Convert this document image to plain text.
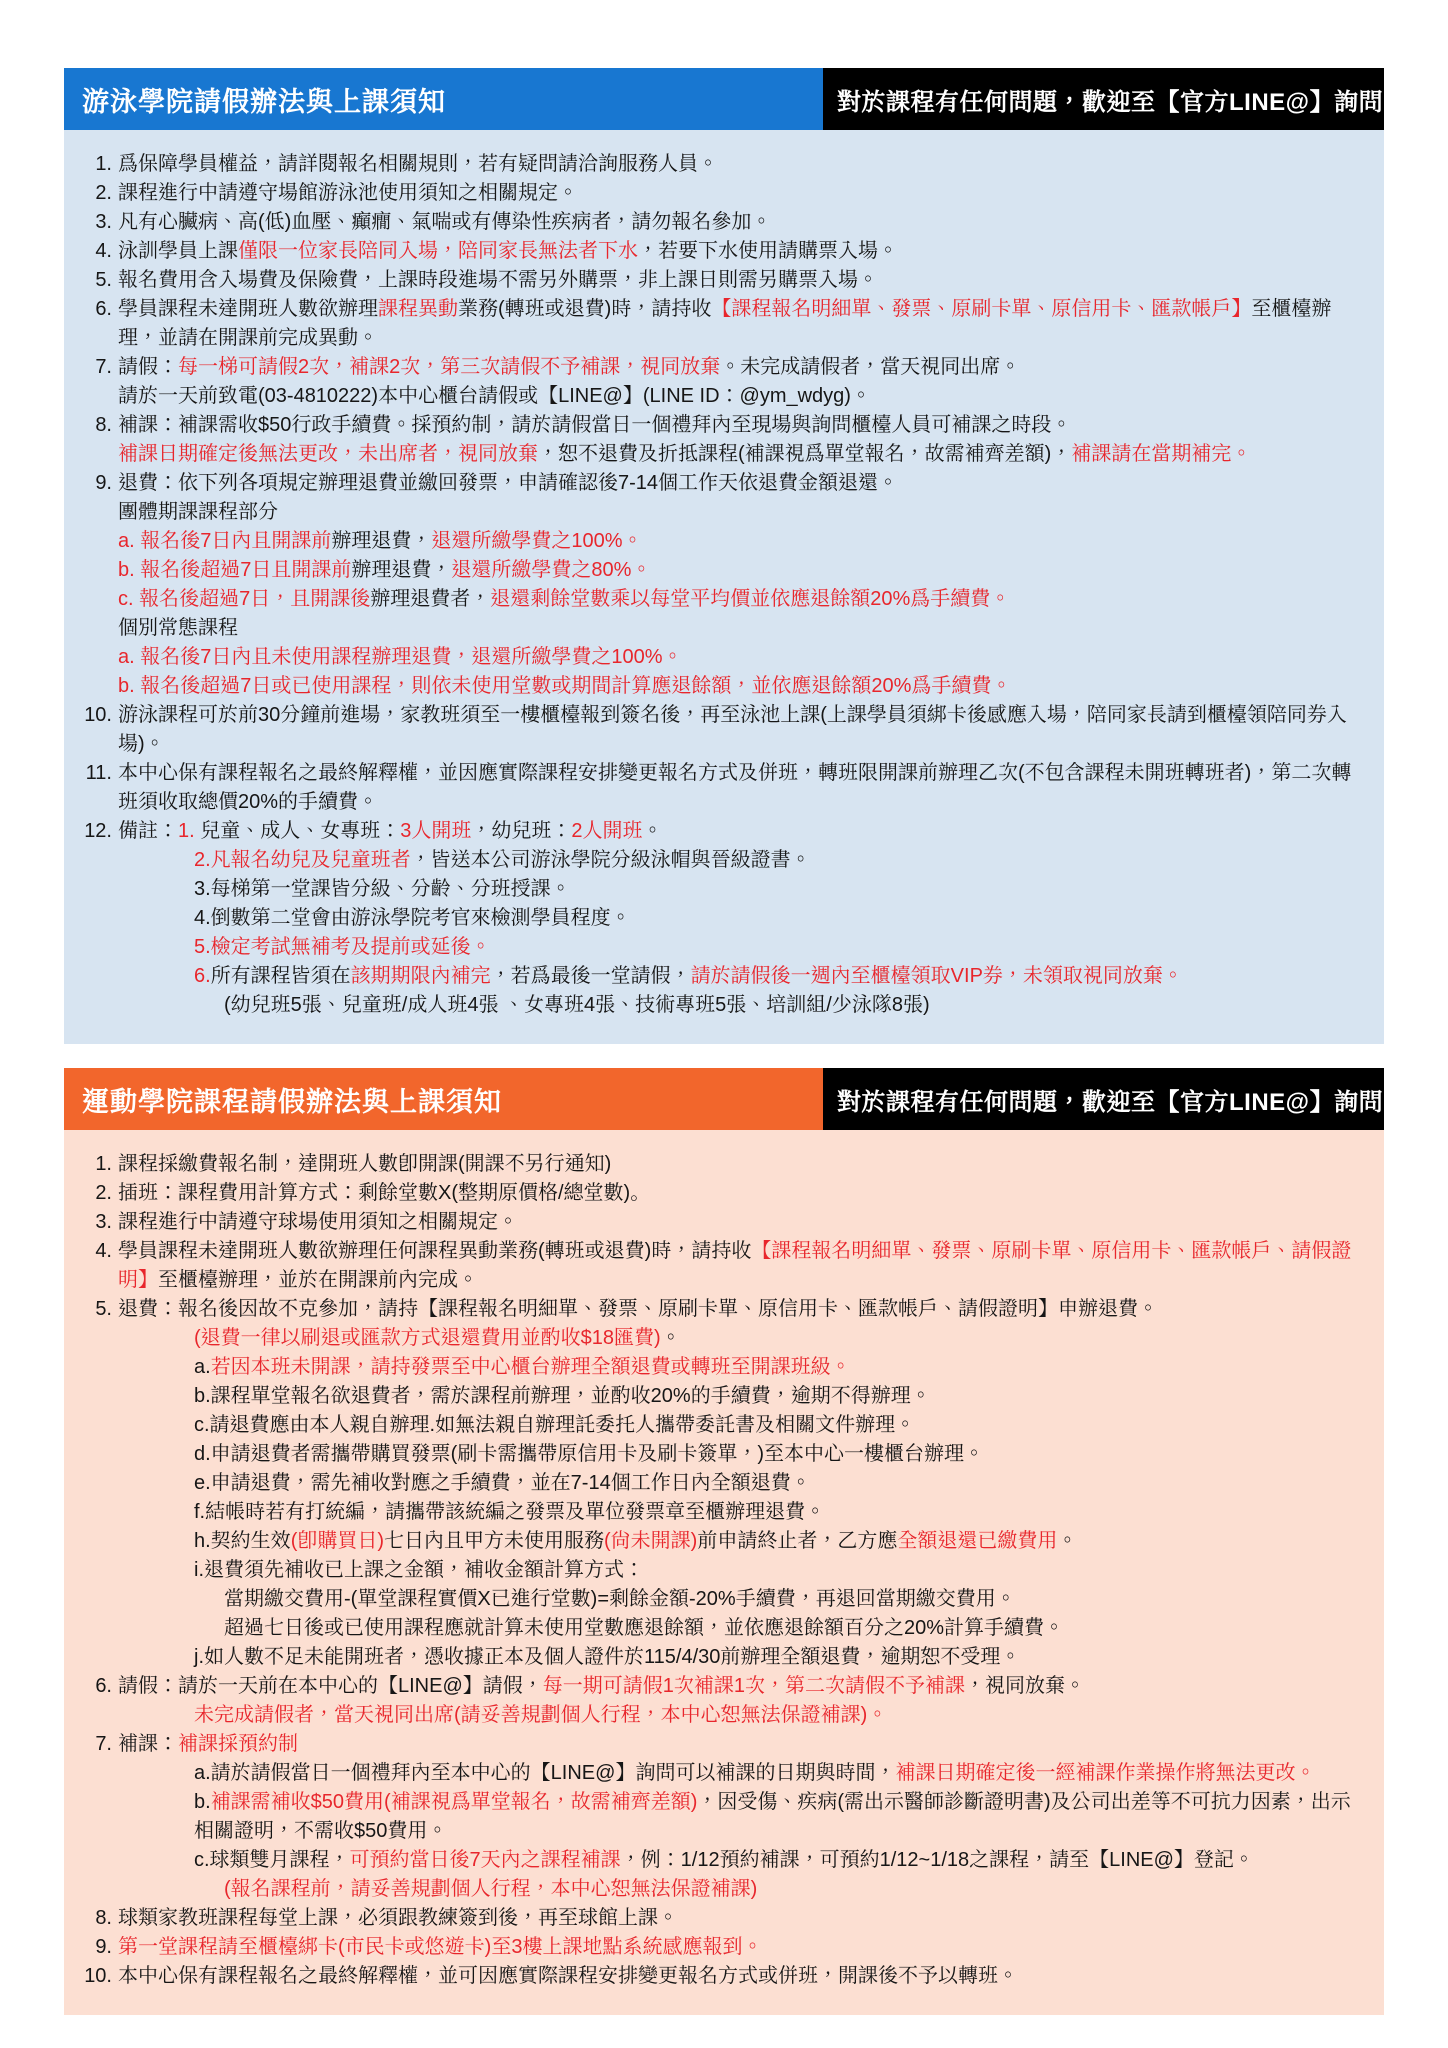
游泳學院請假辦法與上課須知	對於課程有任何問題，歡迎至【官方LINE@】詢問
1. 爲保障學員權益，請詳閱報名相關規則，若有疑問請洽詢服務人員。
2. 課程進行中請遵守場館游泳池使用須知之相關規定。
3. 凡有心臟病、高(低)血壓、癲癇、氣喘或有傳染性疾病者，請勿報名參加。
4. 泳訓學員上課僅限一位家長陪同入場，陪同家長無法者下水，若要下水使用請購票入場。
5. 報名費用含入場費及保險費，上課時段進場不需另外購票，非上課日則需另購票入場。
6. 學員課程未達開班人數欲辦理課程異動業務(轉班或退費)時，請持收【課程報名明細單、發票、原刷卡單、原信用卡、匯款帳戶】至櫃檯辦理，並請在開課前完成異動。
7. 請假：每一梯可請假2次，補課2次，第三次請假不予補課，視同放棄。未完成請假者，當天視同出席。
請於一天前致電(03-4810222)本中心櫃台請假或【LINE@】(LINE ID：@ym_wdyg)。
8. 補課：補課需收$50行政手續費。採預約制，請於請假當日一個禮拜內至現場與詢問櫃檯人員可補課之時段。
補課日期確定後無法更改，未出席者，視同放棄，恕不退費及折抵課程(補課視爲單堂報名，故需補齊差額)，補課請在當期補完。
9. 退費：依下列各項規定辦理退費並繳回發票，申請確認後7-14個工作天依退費金額退還。
團體期課課程部分
a. 報名後7日內且開課前辦理退費，退還所繳學費之100%。
b. 報名後超過7日且開課前辦理退費，退還所繳學費之80%。
c. 報名後超過7日，且開課後辦理退費者，退還剩餘堂數乘以每堂平均價並依應退餘額20%爲手續費。
個別常態課程
a. 報名後7日內且未使用課程辦理退費，退還所繳學費之100%。
b. 報名後超過7日或已使用課程，則依未使用堂數或期間計算應退餘額，並依應退餘額20%爲手續費。
10. 游泳課程可於前30分鐘前進場，家教班須至一樓櫃檯報到簽名後，再至泳池上課(上課學員須綁卡後感應入場，陪同家長請到櫃檯領陪同券入場)。
11. 本中心保有課程報名之最終解釋權，並因應實際課程安排變更報名方式及併班，轉班限開課前辦理乙次(不包含課程未開班轉班者)，第二次轉班須收取總價20%的手續費。
12. 備註：1. 兒童、成人、女專班：3人開班，幼兒班：2人開班。
2.凡報名幼兒及兒童班者，皆送本公司游泳學院分級泳帽與晉級證書。
3.每梯第一堂課皆分級、分齡、分班授課。
4.倒數第二堂會由游泳學院考官來檢測學員程度。
5.檢定考試無補考及提前或延後。
6.所有課程皆須在該期期限內補完，若爲最後一堂請假，請於請假後一週內至櫃檯領取VIP券，未領取視同放棄。
(幼兒班5張、兒童班/成人班4張 、女專班4張、技術專班5張、培訓組/少泳隊8張)
運動學院課程請假辦法與上課須知	對於課程有任何問題，歡迎至【官方LINE@】詢問
1. 課程採繳費報名制，達開班人數卽開課(開課不另行通知)
2. 插班：課程費用計算方式：剩餘堂數X(整期原價格/總堂數)。
3. 課程進行中請遵守球場使用須知之相關規定。
4. 學員課程未達開班人數欲辦理任何課程異動業務(轉班或退費)時，請持收【課程報名明細單、發票、原刷卡單、原信用卡、匯款帳戶、請假證明】至櫃檯辦理，並於在開課前內完成。
5. 退費：報名後因故不克參加，請持【課程報名明細單、發票、原刷卡單、原信用卡、匯款帳戶、請假證明】申辦退費。
(退費一律以刷退或匯款方式退還費用並酌收$18匯費)。
a.若因本班未開課，請持發票至中心櫃台辦理全額退費或轉班至開課班級。
b.課程單堂報名欲退費者，需於課程前辦理，並酌收20%的手續費，逾期不得辦理。
c.請退費應由本人親自辦理.如無法親自辦理託委托人攜帶委託書及相關文件辦理。
d.申請退費者需攜帶購買發票(刷卡需攜帶原信用卡及刷卡簽單，)至本中心一樓櫃台辦理。
e.申請退費，需先補收對應之手續費，並在7-14個工作日內全額退費。
f.結帳時若有打統編，請攜帶該統編之發票及單位發票章至櫃辦理退費。
h.契約生效(卽購買日)七日內且甲方未使用服務(尙未開課)前申請終止者，乙方應全額退還已繳費用。
i.退費須先補收已上課之金額，補收金額計算方式：
當期繳交費用-(單堂課程實價X已進行堂數)=剩餘金額-20%手續費，再退回當期繳交費用。
超過七日後或已使用課程應就計算未使用堂數應退餘額，並依應退餘額百分之20%計算手續費。
j.如人數不足未能開班者，憑收據正本及個人證件於115/4/30前辦理全額退費，逾期恕不受理。
6. 請假：請於一天前在本中心的【LINE@】請假，每一期可請假1次補課1次，第二次請假不予補課，視同放棄。
未完成請假者，當天視同出席(請妥善規劃個人行程，本中心恕無法保證補課)。
7. 補課：補課採預約制
a.請於請假當日一個禮拜內至本中心的【LINE@】詢問可以補課的日期與時間，補課日期確定後一經補課作業操作將無法更改。
b.補課需補收$50費用(補課視爲單堂報名，故需補齊差額)，因受傷、疾病(需出示醫師診斷證明書)及公司出差等不可抗力因素，出示相關證明，不需收$50費用。
c.球類雙月課程，可預約當日後7天內之課程補課，例：1/12預約補課，可預約1/12~1/18之課程，請至【LINE@】登記。
(報名課程前，請妥善規劃個人行程，本中心恕無法保證補課)
8. 球類家教班課程每堂上課，必須跟教練簽到後，再至球館上課。
9. 第一堂課程請至櫃檯綁卡(市民卡或悠遊卡)至3樓上課地點系統感應報到。
10. 本中心保有課程報名之最終解釋權，並可因應實際課程安排變更報名方式或併班，開課後不予以轉班。
